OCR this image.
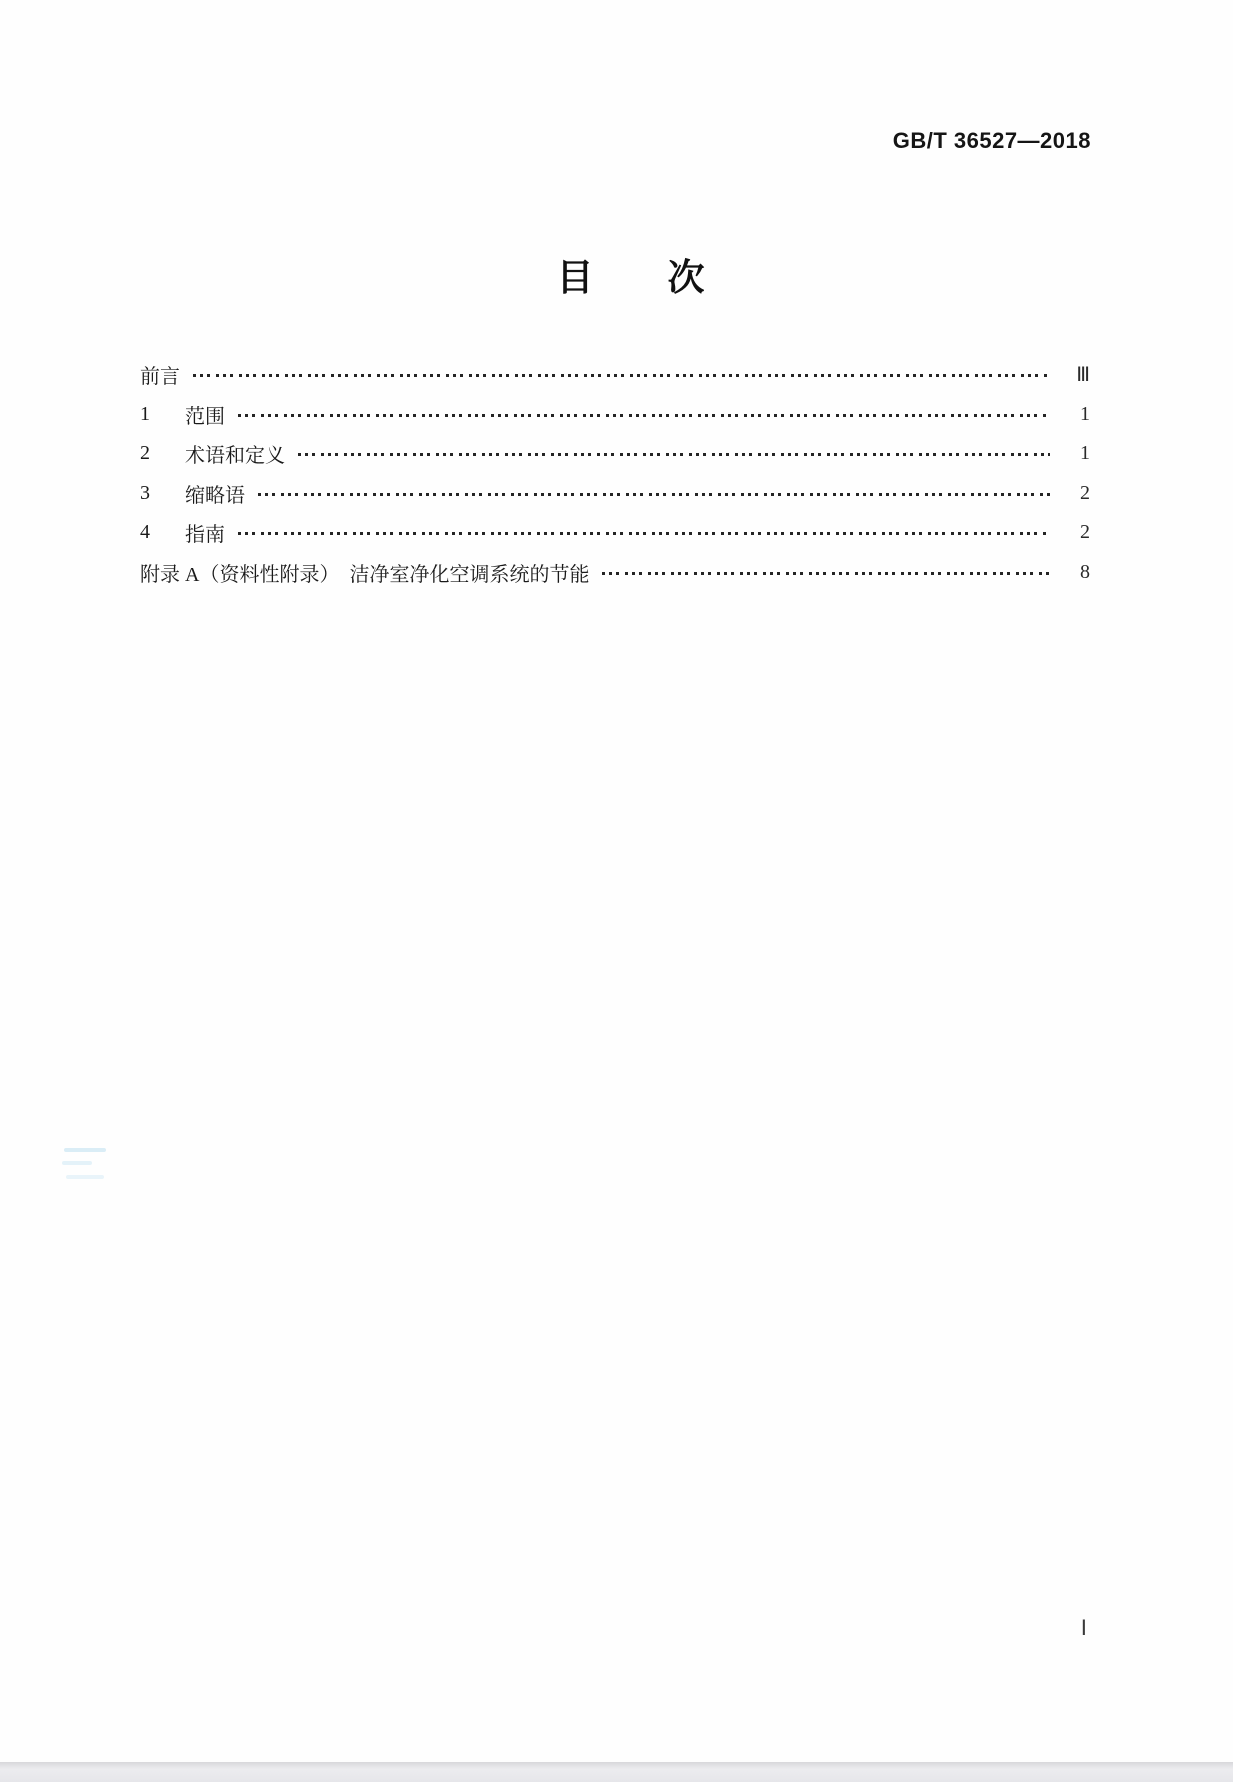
GB/T 36527—2018
目　　次
前言	Ⅲ
1	范围	1
2	术语和定义	1
3	缩略语	2
4	指南	2
附录 A（资料性附录）　洁净室净化空调系统的节能	8
Ⅰ
